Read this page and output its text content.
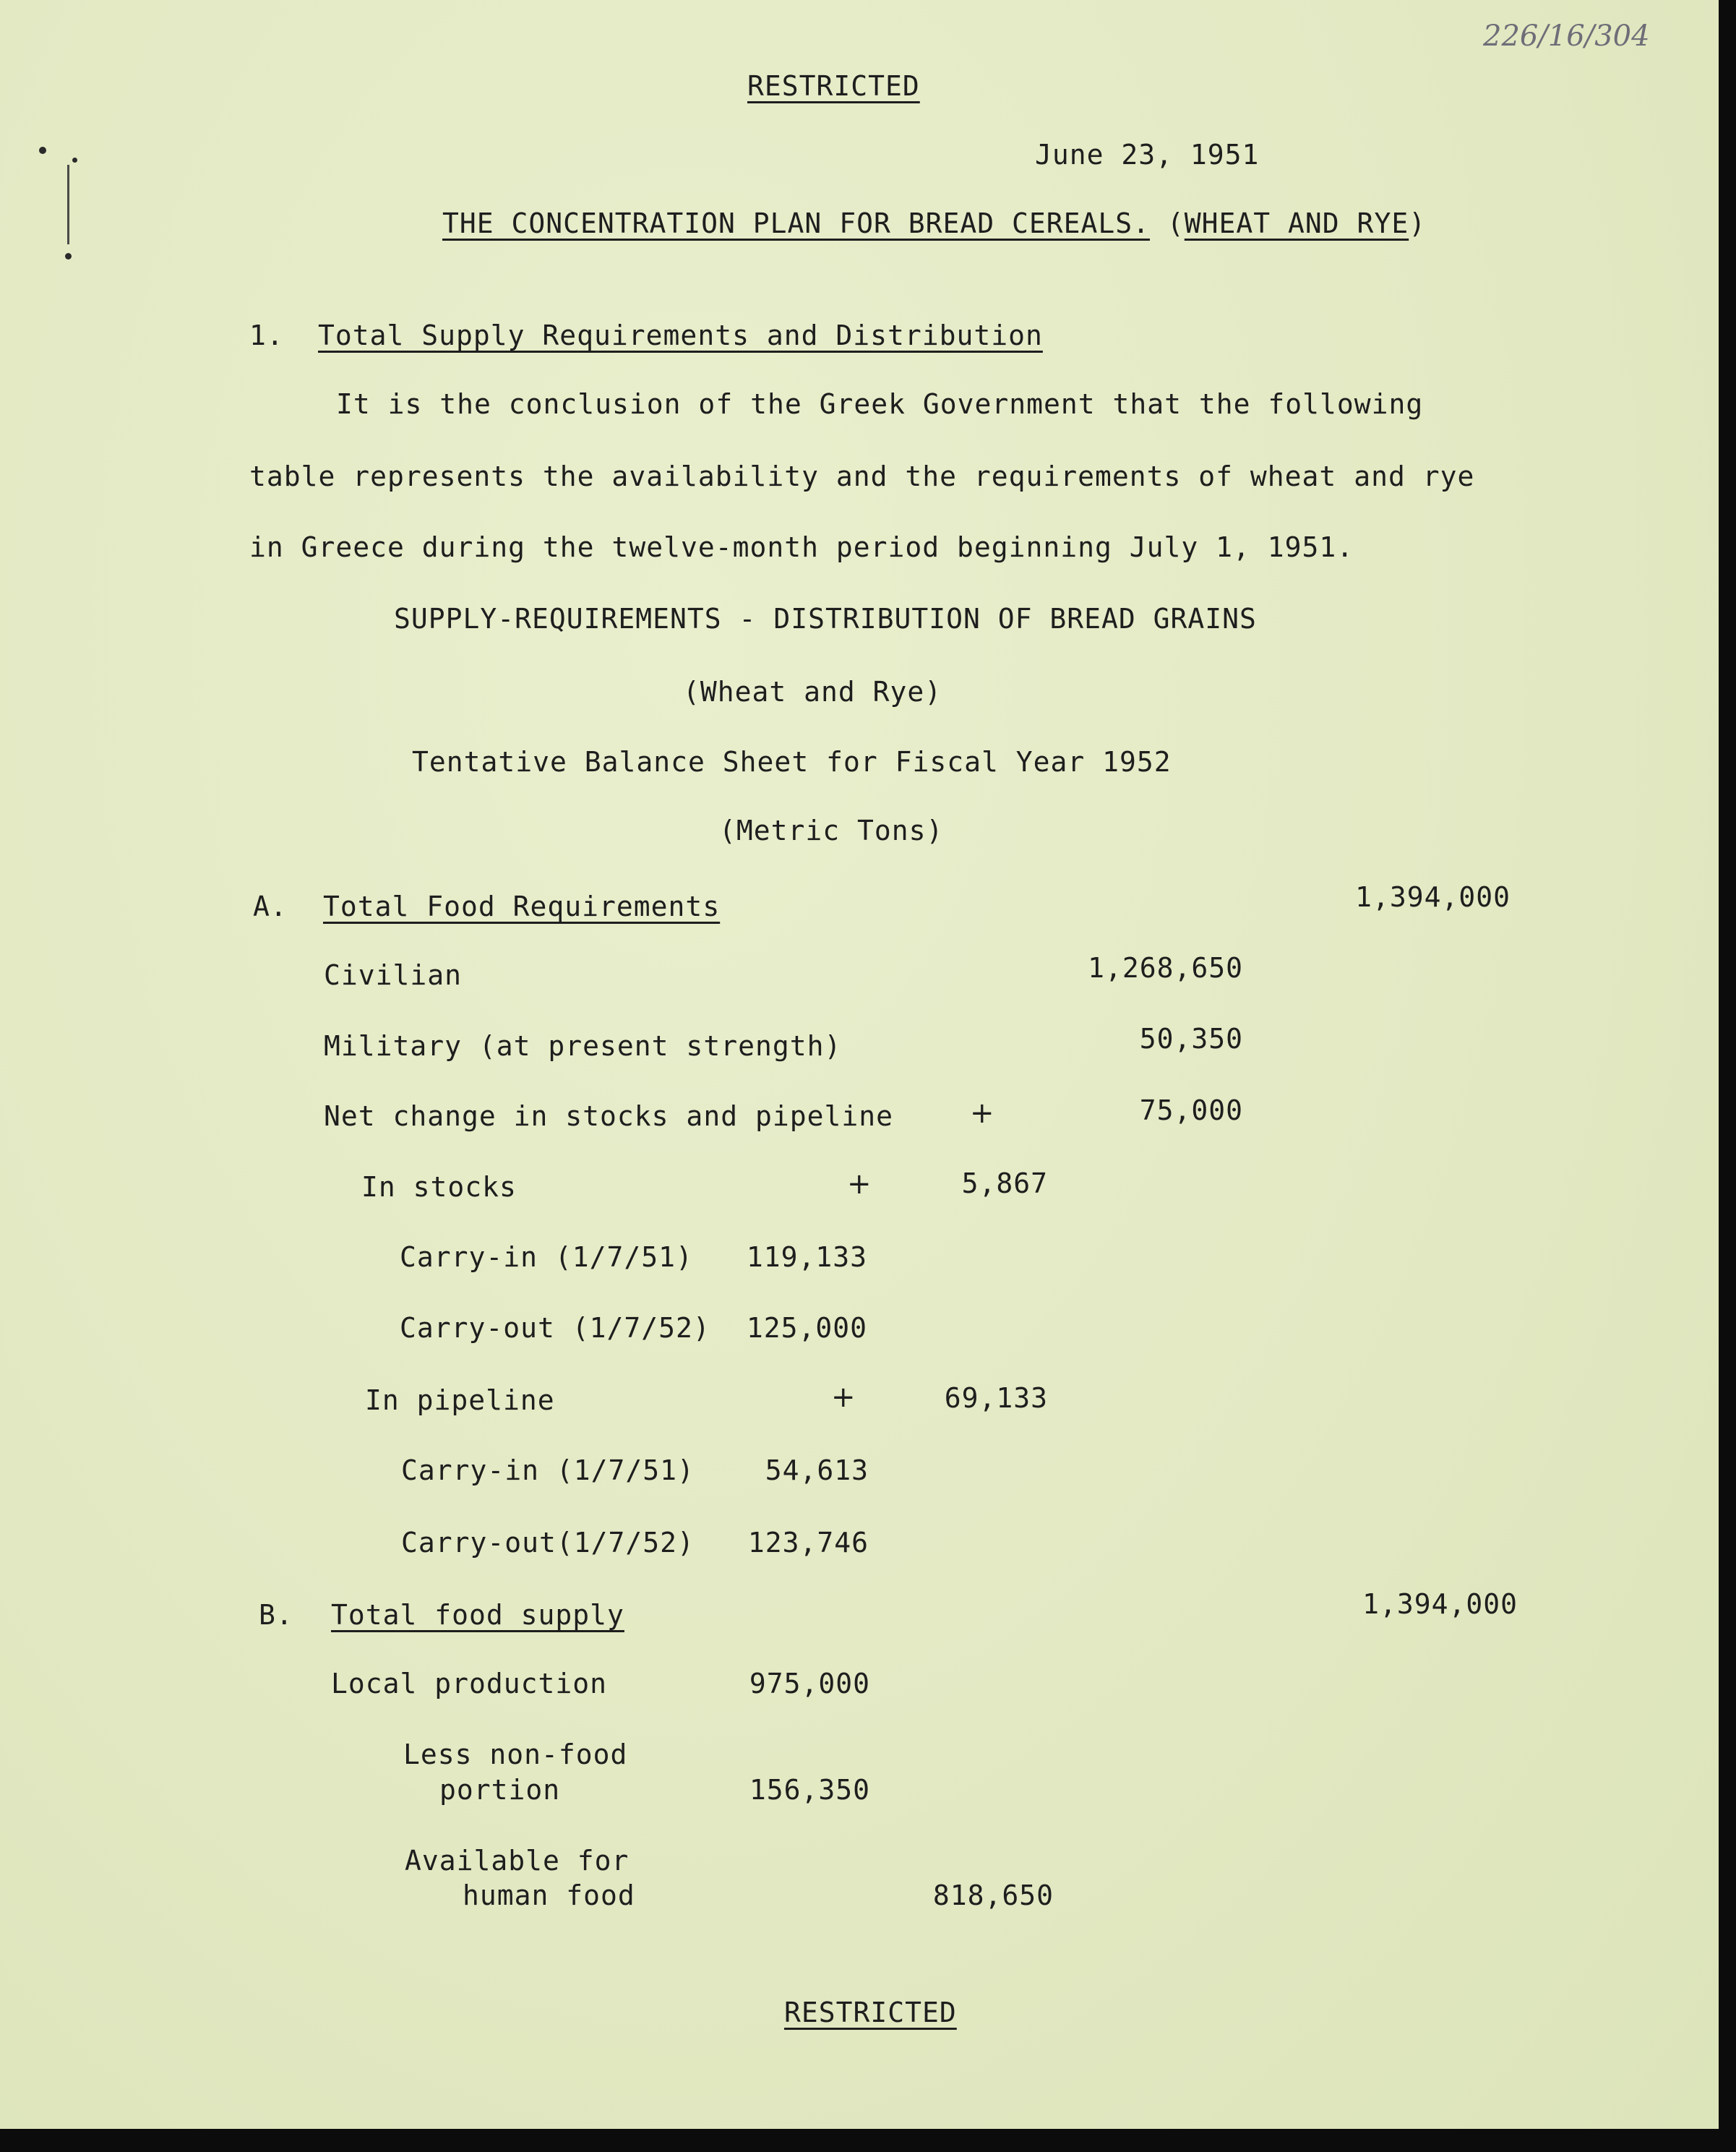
226/16/304
RESTRICTED
June 23, 1951
THE CONCENTRATION PLAN FOR BREAD CEREALS. (WHEAT AND RYE)
1. Total Supply Requirements and Distribution
It is the conclusion of the Greek Government that the following
table represents the availability and the requirements of wheat and rye
in Greece during the twelve-month period beginning July 1, 1951.
SUPPLY-REQUIREMENTS - DISTRIBUTION OF BREAD GRAINS
(Wheat and Rye)
Tentative Balance Sheet for Fiscal Year 1952
(Metric Tons)
A. Total Food Requirements	1,394,000
Civilian	1,268,650
Military (at present strength)	50,350
Net change in stocks and pipeline	+	75,000
In stocks	+	5,867
Carry-in (1/7/51)	119,133
Carry-out (1/7/52)	125,000
In pipeline	+	69,133
Carry-in (1/7/51)	54,613
Carry-out(1/7/52)	123,746
B. Total food supply	1,394,000
Local production	975,000
Less non-food
portion	156,350
Available for
human food	818,650
RESTRICTED
